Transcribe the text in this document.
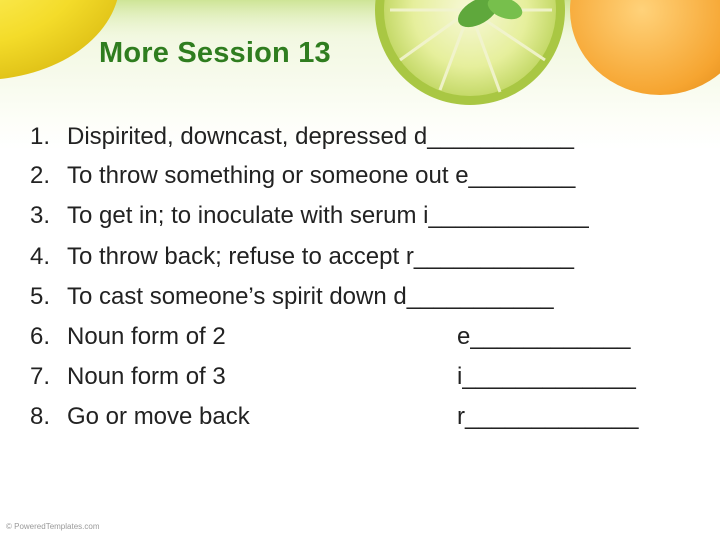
More Session 13
1. Dispirited, downcast, depressed d___________
2. To throw something or someone out e________
3. To get in; to inoculate with serum i____________
4. To throw back; refuse to accept r____________
5. To cast someone’s spirit down d___________
6. Noun form of 2	e____________
7. Noun form of 3	i_____________
8. Go or move back	r_____________
© PoweredTemplates.com
